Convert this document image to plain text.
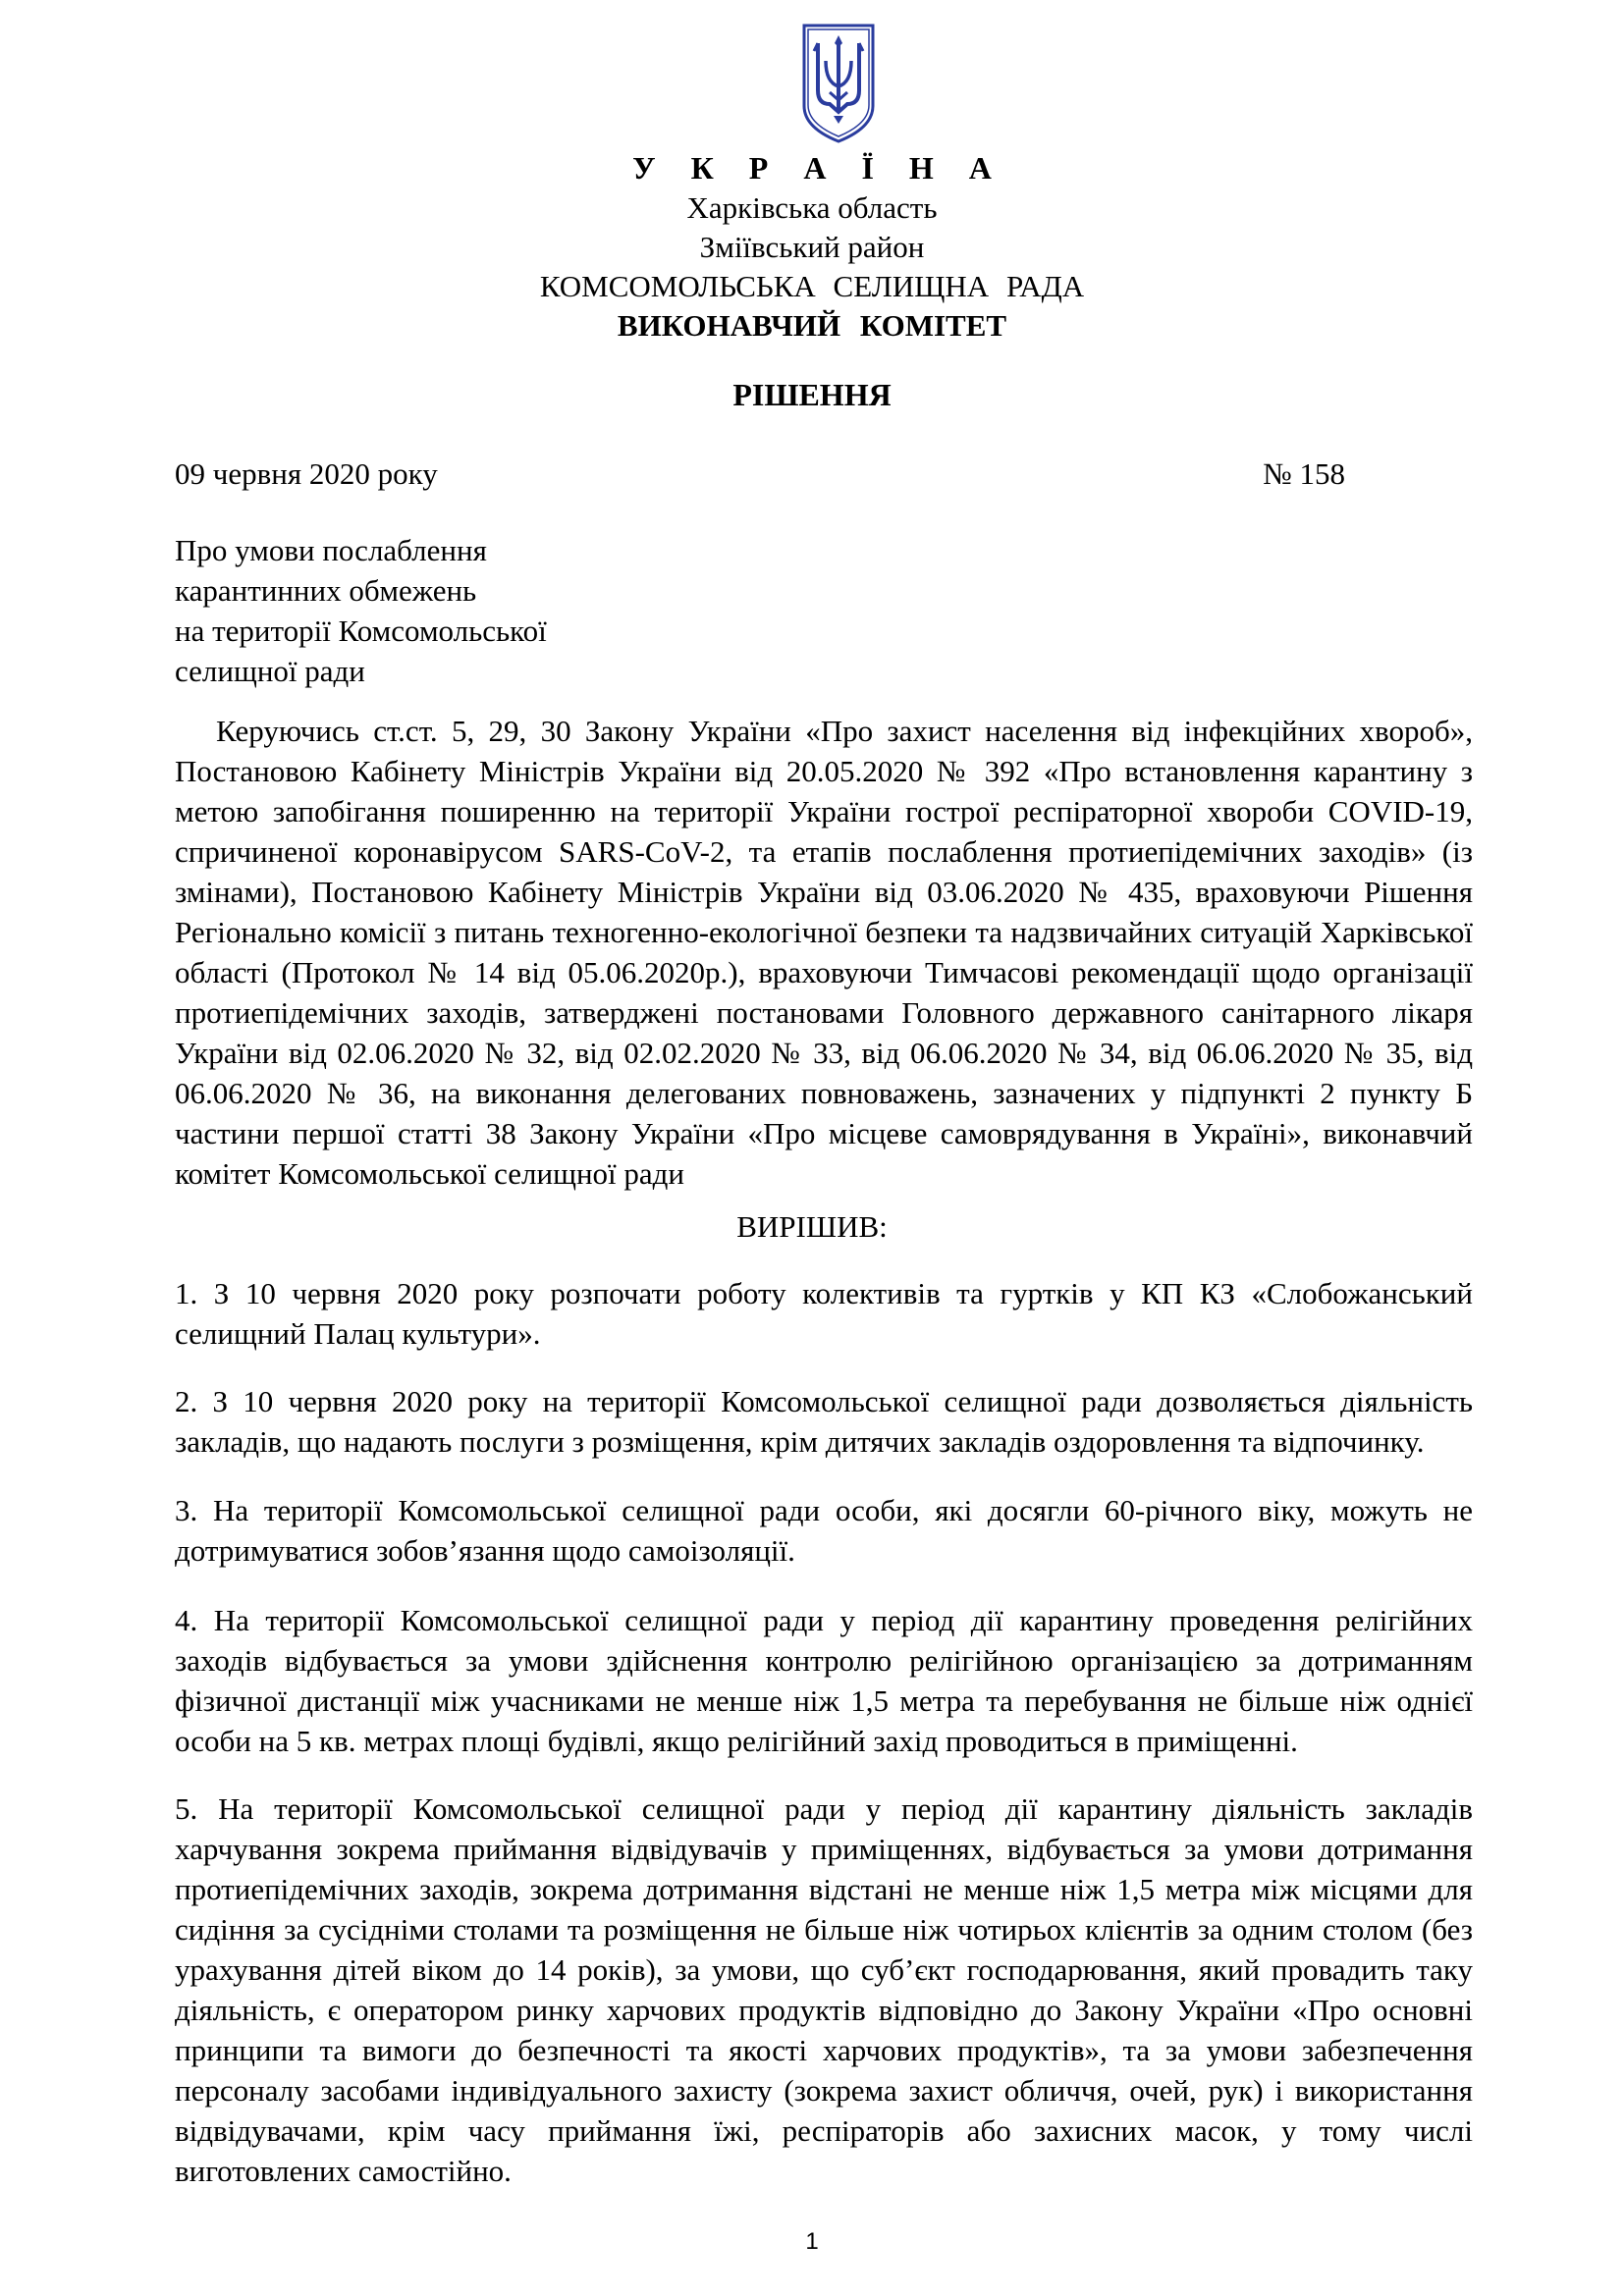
У К Р А Ї Н А
Харківська область
Зміївський район
КОМСОМОЛЬСЬКА СЕЛИЩНА РАДА
ВИКОНАВЧИЙ КОМІТЕТ
РІШЕННЯ
09 червня 2020 року	№ 158
Про умови послаблення
карантинних обмежень
на території Комсомольської
селищної ради
Керуючись ст.ст. 5, 29, 30 Закону України «Про захист населення від інфекційних хвороб», Постановою Кабінету Міністрів України від 20.05.2020 № 392 «Про встановлення карантину з метою запобігання поширенню на території України гострої респіраторної хвороби COVID-19, спричиненої коронавірусом SARS-CoV-2, та етапів послаблення протиепідемічних заходів» (із змінами), Постановою Кабінету Міністрів України від 03.06.2020 № 435, враховуючи Рішення Регіонально комісії з питань техногенно-екологічної безпеки та надзвичайних ситуацій Харківської області (Протокол № 14 від 05.06.2020р.), враховуючи Тимчасові рекомендації щодо організації протиепідемічних заходів, затверджені постановами Головного державного санітарного лікаря України від 02.06.2020 № 32, від 02.02.2020 № 33, від 06.06.2020 № 34, від 06.06.2020 № 35, від 06.06.2020 № 36, на виконання делегованих повноважень, зазначених у підпункті 2 пункту Б частини першої статті 38 Закону України «Про місцеве самоврядування в Україні», виконавчий комітет Комсомольської селищної ради
ВИРІШИВ:
1. З 10 червня 2020 року розпочати роботу колективів та гуртків у КП КЗ «Слобожанський селищний Палац культури».
2. З 10 червня 2020 року на території Комсомольської селищної ради дозволяється діяльність закладів, що надають послуги з розміщення, крім дитячих закладів оздоровлення та відпочинку.
3. На території Комсомольської селищної ради особи, які досягли 60-річного віку, можуть не дотримуватися зобов’язання щодо самоізоляції.
4. На території Комсомольської селищної ради у період дії карантину проведення релігійних заходів відбувається за умови здійснення контролю релігійною організацією за дотриманням фізичної дистанції між учасниками не менше ніж 1,5 метра та перебування не більше ніж однієї особи на 5 кв. метрах площі будівлі, якщо релігійний захід проводиться в приміщенні.
5. На території Комсомольської селищної ради у період дії карантину діяльність закладів харчування зокрема приймання відвідувачів у приміщеннях, відбувається за умови дотримання протиепідемічних заходів, зокрема дотримання відстані не менше ніж 1,5 метра між місцями для сидіння за сусідніми столами та розміщення не більше ніж чотирьох клієнтів за одним столом (без урахування дітей віком до 14 років), за умови, що суб’єкт господарювання, який провадить таку діяльність, є оператором ринку харчових продуктів відповідно до Закону України «Про основні принципи та вимоги до безпечності та якості харчових продуктів», та за умови забезпечення персоналу засобами індивідуального захисту (зокрема захист обличчя, очей, рук) і використання відвідувачами, крім часу приймання їжі, респіраторів або захисних масок, у тому числі виготовлених самостійно.
1
